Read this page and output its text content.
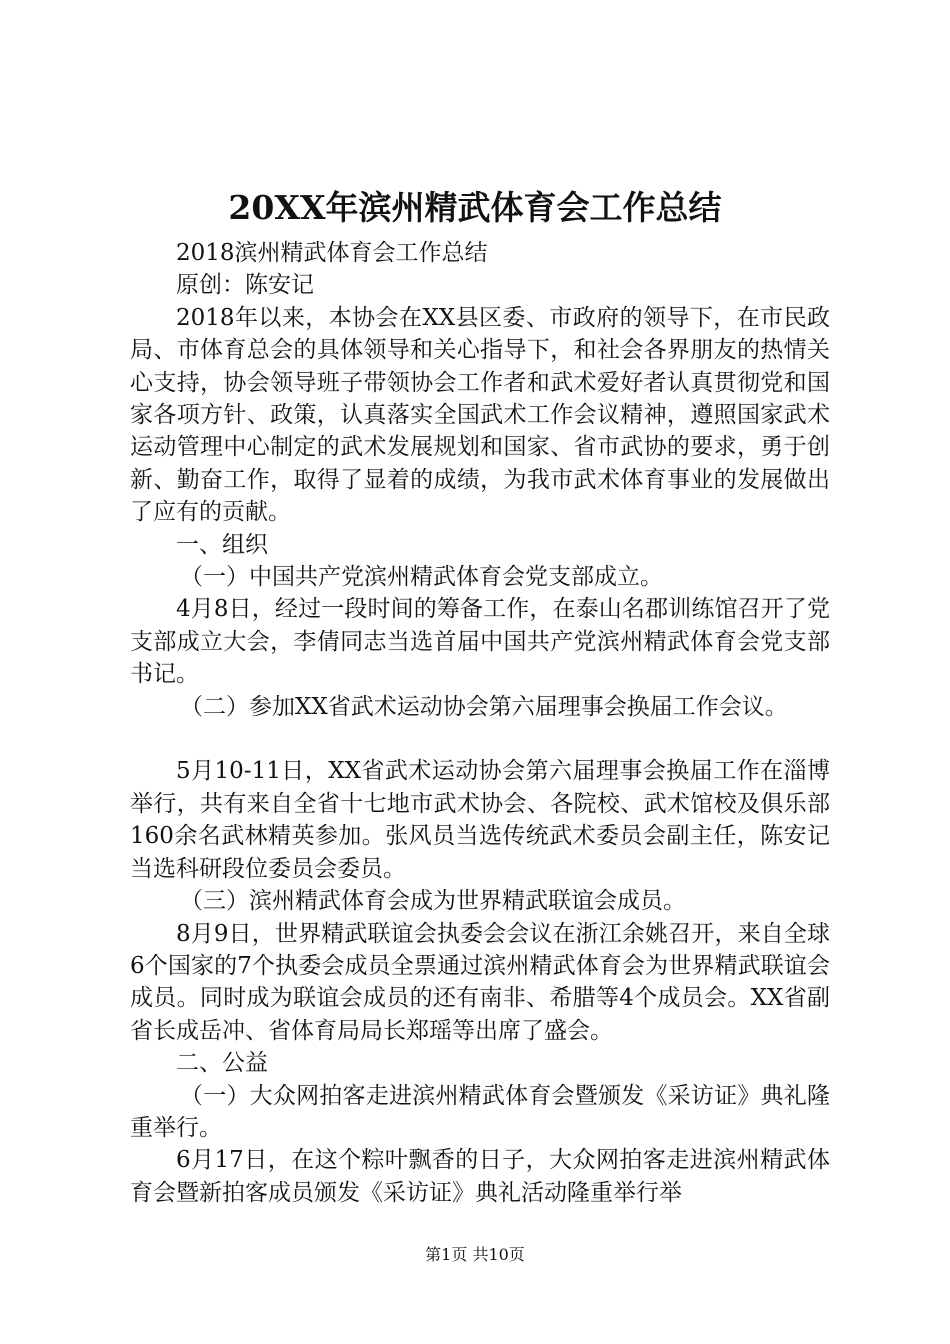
20XX年滨州精武体育会工作总结

2018滨州精武体育会工作总结

原创：陈安记

2018年以来，本协会在XX县区委、市政府的领导下，在市民政局、市体育总会的具体领导和关心指导下，和社会各界朋友的热情关心支持，协会领导班子带领协会工作者和武术爱好者认真贯彻党和国家各项方针、政策，认真落实全国武术工作会议精神，遵照国家武术运动管理中心制定的武术发展规划和国家、省市武协的要求，勇于创新、勤奋工作，取得了显着的成绩，为我市武术体育事业的发展做出了应有的贡献。

一、组织

（一）中国共产党滨州精武体育会党支部成立。

4月8日，经过一段时间的筹备工作，在泰山名郡训练馆召开了党支部成立大会，李倩同志当选首届中国共产党滨州精武体育会党支部书记。

（二）参加XX省武术运动协会第六届理事会换届工作会议。

5月10-11日，XX省武术运动协会第六届理事会换届工作在淄博举行，共有来自全省十七地市武术协会、各院校、武术馆校及俱乐部160余名武林精英参加。张风员当选传统武术委员会副主任，陈安记当选科研段位委员会委员。

（三）滨州精武体育会成为世界精武联谊会成员。

8月9日，世界精武联谊会执委会会议在浙江余姚召开，来自全球6个国家的7个执委会成员全票通过滨州精武体育会为世界精武联谊会成员。同时成为联谊会成员的还有南非、希腊等4个成员会。XX省副省长成岳冲、省体育局局长郑瑶等出席了盛会。

二、公益

（一）大众网拍客走进滨州精武体育会暨颁发《采访证》典礼隆重举行。

6月17日，在这个粽叶飘香的日子，大众网拍客走进滨州精武体育会暨新拍客成员颁发《采访证》典礼活动隆重举行举

第1页 共10页
